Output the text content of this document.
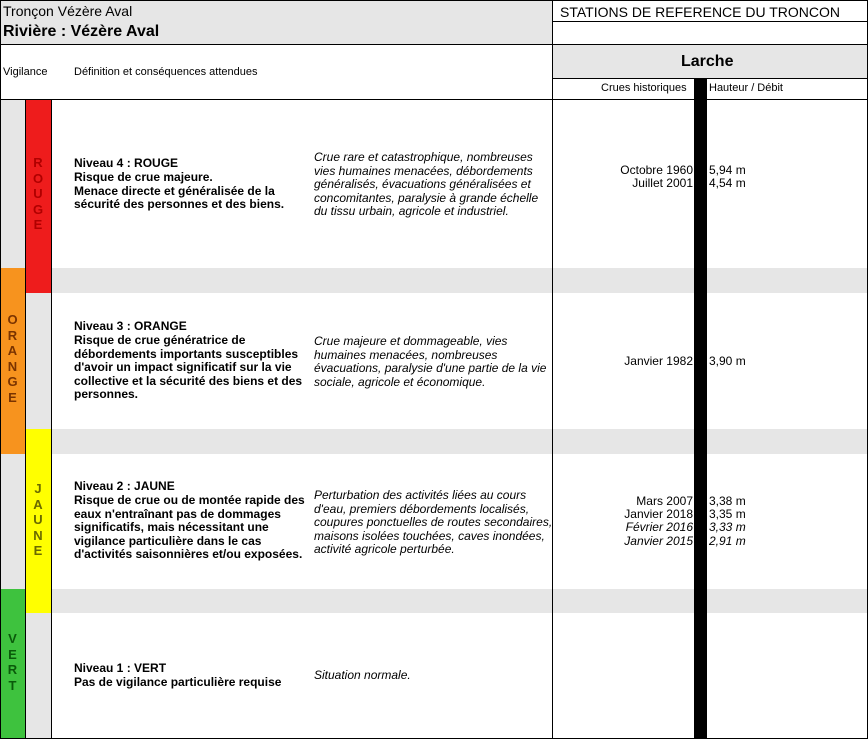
Tronçon Vézère Aval
Rivière : Vézère Aval
STATIONS DE REFERENCE DU TRONCON
Vigilance Définition et conséquences attendues
Larche
Crues historiques Hauteur / Débit
R
O
U
G
E
O
R
A
N
G
E
J
A
U
N
E
V
E
R
T
Niveau 4 : ROUGE
Risque de crue majeure.
Menace directe et généralisée de la
sécurité des personnes et des biens.
Crue rare et catastrophique, nombreuses
vies humaines menacées, débordements
généralisés, évacuations généralisées et
concomitantes, paralysie à grande échelle
du tissu urbain, agricole et industriel.
Niveau 3 : ORANGE
Risque de crue génératrice de
débordements importants susceptibles
d'avoir un impact significatif sur la vie
collective et la sécurité des biens et des
personnes.
Crue majeure et dommageable, vies
humaines menacées, nombreuses
évacuations, paralysie d'une partie de la vie
sociale, agricole et économique.
Niveau 2 : JAUNE
Risque de crue ou de montée rapide des
eaux n'entraînant pas de dommages
significatifs, mais nécessitant une
vigilance particulière dans le cas
d'activités saisonnières et/ou exposées.
Perturbation des activités liées au cours
d'eau, premiers débordements localisés,
coupures ponctuelles de routes secondaires,
maisons isolées touchées, caves inondées,
activité agricole perturbée.
Niveau 1 : VERT
Pas de vigilance particulière requise	Situation normale.
Octobre 1960 5,94 m
Juillet 2001 4,54 m
Janvier 1982 3,90 m
Mars 2007 3,38 m
Janvier 2018 3,35 m
Février 2016 3,33 m
Janvier 2015 2,91 m
